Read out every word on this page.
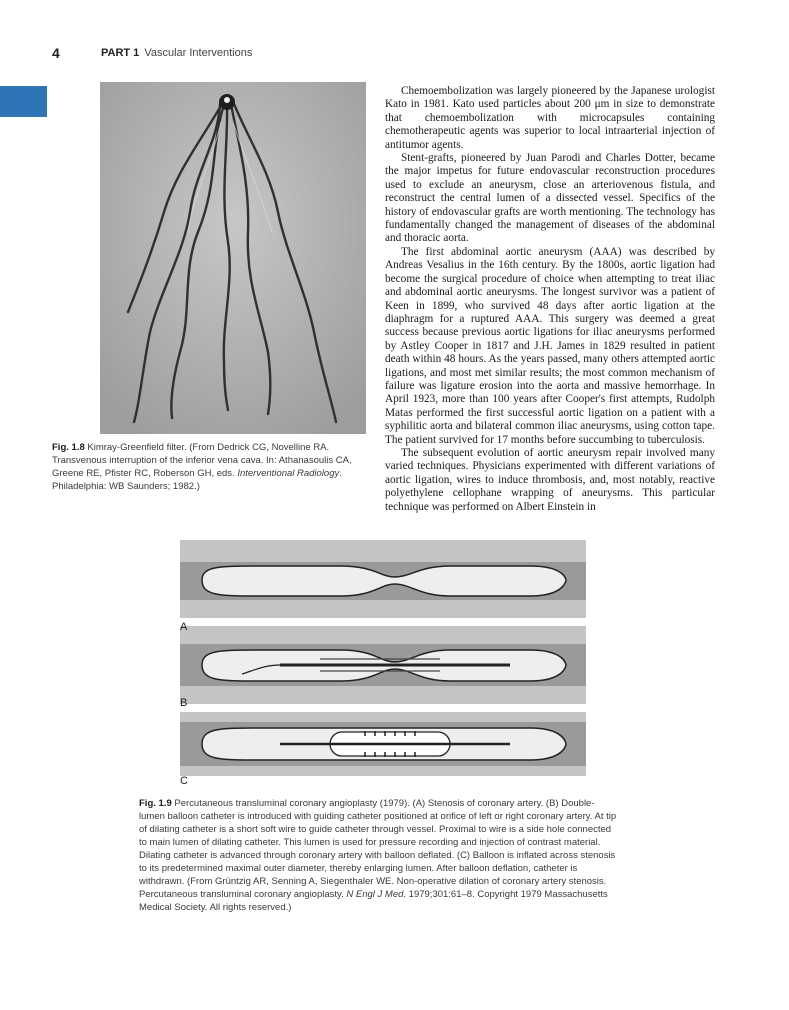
4	PART 1 Vascular Interventions
Fig. 1.8 Kimray-Greenfield filter. (From Dedrick CG, Novelline RA. Transvenous interruption of the inferior vena cava. In: Athanasoulis CA, Greene RE, Pfister RC, Roberson GH, eds. Interventional Radiology. Philadelphia: WB Saunders; 1982.)

Chemoembolization was largely pioneered by the Japanese urologist Kato in 1981. Kato used particles about 200 μm in size to demonstrate that chemoembolization with microcapsules containing chemotherapeutic agents was superior to local intraarterial injection of antitumor agents.

Stent-grafts, pioneered by Juan Parodi and Charles Dotter, became the major impetus for future endovascular reconstruction procedures used to exclude an aneurysm, close an arteriovenous fistula, and reconstruct the central lumen of a dissected vessel. Specifics of the history of endovascular grafts are worth mentioning. The technology has fundamentally changed the management of diseases of the abdominal and thoracic aorta.

The first abdominal aortic aneurysm (AAA) was described by Andreas Vesalius in the 16th century. By the 1800s, aortic ligation had become the surgical procedure of choice when attempting to treat iliac and abdominal aortic aneurysms. The longest survivor was a patient of Keen in 1899, who survived 48 days after aortic ligation at the diaphragm for a ruptured AAA. This surgery was deemed a great success because previous aortic ligations for iliac aneurysms performed by Astley Cooper in 1817 and J.H. James in 1829 resulted in patient death within 48 hours. As the years passed, many others attempted aortic ligations, and most met similar results; the most common mechanism of failure was ligature erosion into the aorta and massive hemorrhage. In April 1923, more than 100 years after Cooper's first attempts, Rudolph Matas performed the first successful aortic ligation on a patient with a syphilitic aorta and bilateral common iliac aneurysms, using cotton tape. The patient survived for 17 months before succumbing to tuberculosis.

The subsequent evolution of aortic aneurysm repair involved many varied techniques. Physicians experimented with different variations of aortic ligation, wires to induce thrombosis, and, most notably, reactive polyethylene cellophane wrapping of aneurysms. This particular technique was performed on Albert Einstein in

A
B
C
Fig. 1.9 Percutaneous transluminal coronary angioplasty (1979). (A) Stenosis of coronary artery. (B) Double-lumen balloon catheter is introduced with guiding catheter positioned at orifice of left or right coronary artery. At tip of dilating catheter is a short soft wire to guide catheter through vessel. Proximal to wire is a side hole connected to main lumen of dilating catheter. This lumen is used for pressure recording and injection of contrast material. Dilating catheter is advanced through coronary artery with balloon deflated. (C) Balloon is inflated across stenosis to its predetermined maximal outer diameter, thereby enlarging lumen. After balloon deflation, catheter is withdrawn. (From Grüntzig AR, Senning A, Siegenthaler WE. Non-operative dilation of coronary artery stenosis. Percutaneous transluminal coronary angioplasty. N Engl J Med. 1979;301:61–8. Copyright 1979 Massachusetts Medical Society. All rights reserved.)
